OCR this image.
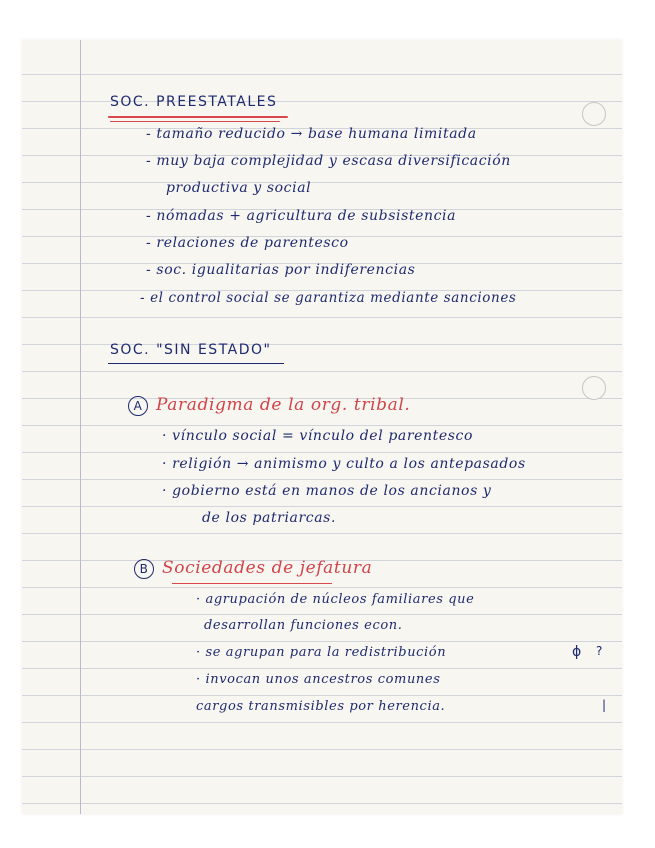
SOC. PREESTATALES
- tamaño reducido → base humana limitada
- muy baja complejidad y escasa diversificación
productiva y social
- nómadas + agricultura de subsistencia
- relaciones de parentesco
- soc. igualitarias por indiferencias
- el control social se garantiza mediante sanciones
SOC. "SIN ESTADO"
A Paradigma de la org. tribal.
· vínculo social = vínculo del parentesco
· religión → animismo y culto a los antepasados
· gobierno está en manos de los ancianos y
de los patriarcas.
B Sociedades de jefatura
· agrupación de núcleos familiares que
desarrollan funciones econ.
· se agrupan para la redistribución
· invocan unos ancestros comunes
cargos transmisibles por herencia.
ϕ ?
|
